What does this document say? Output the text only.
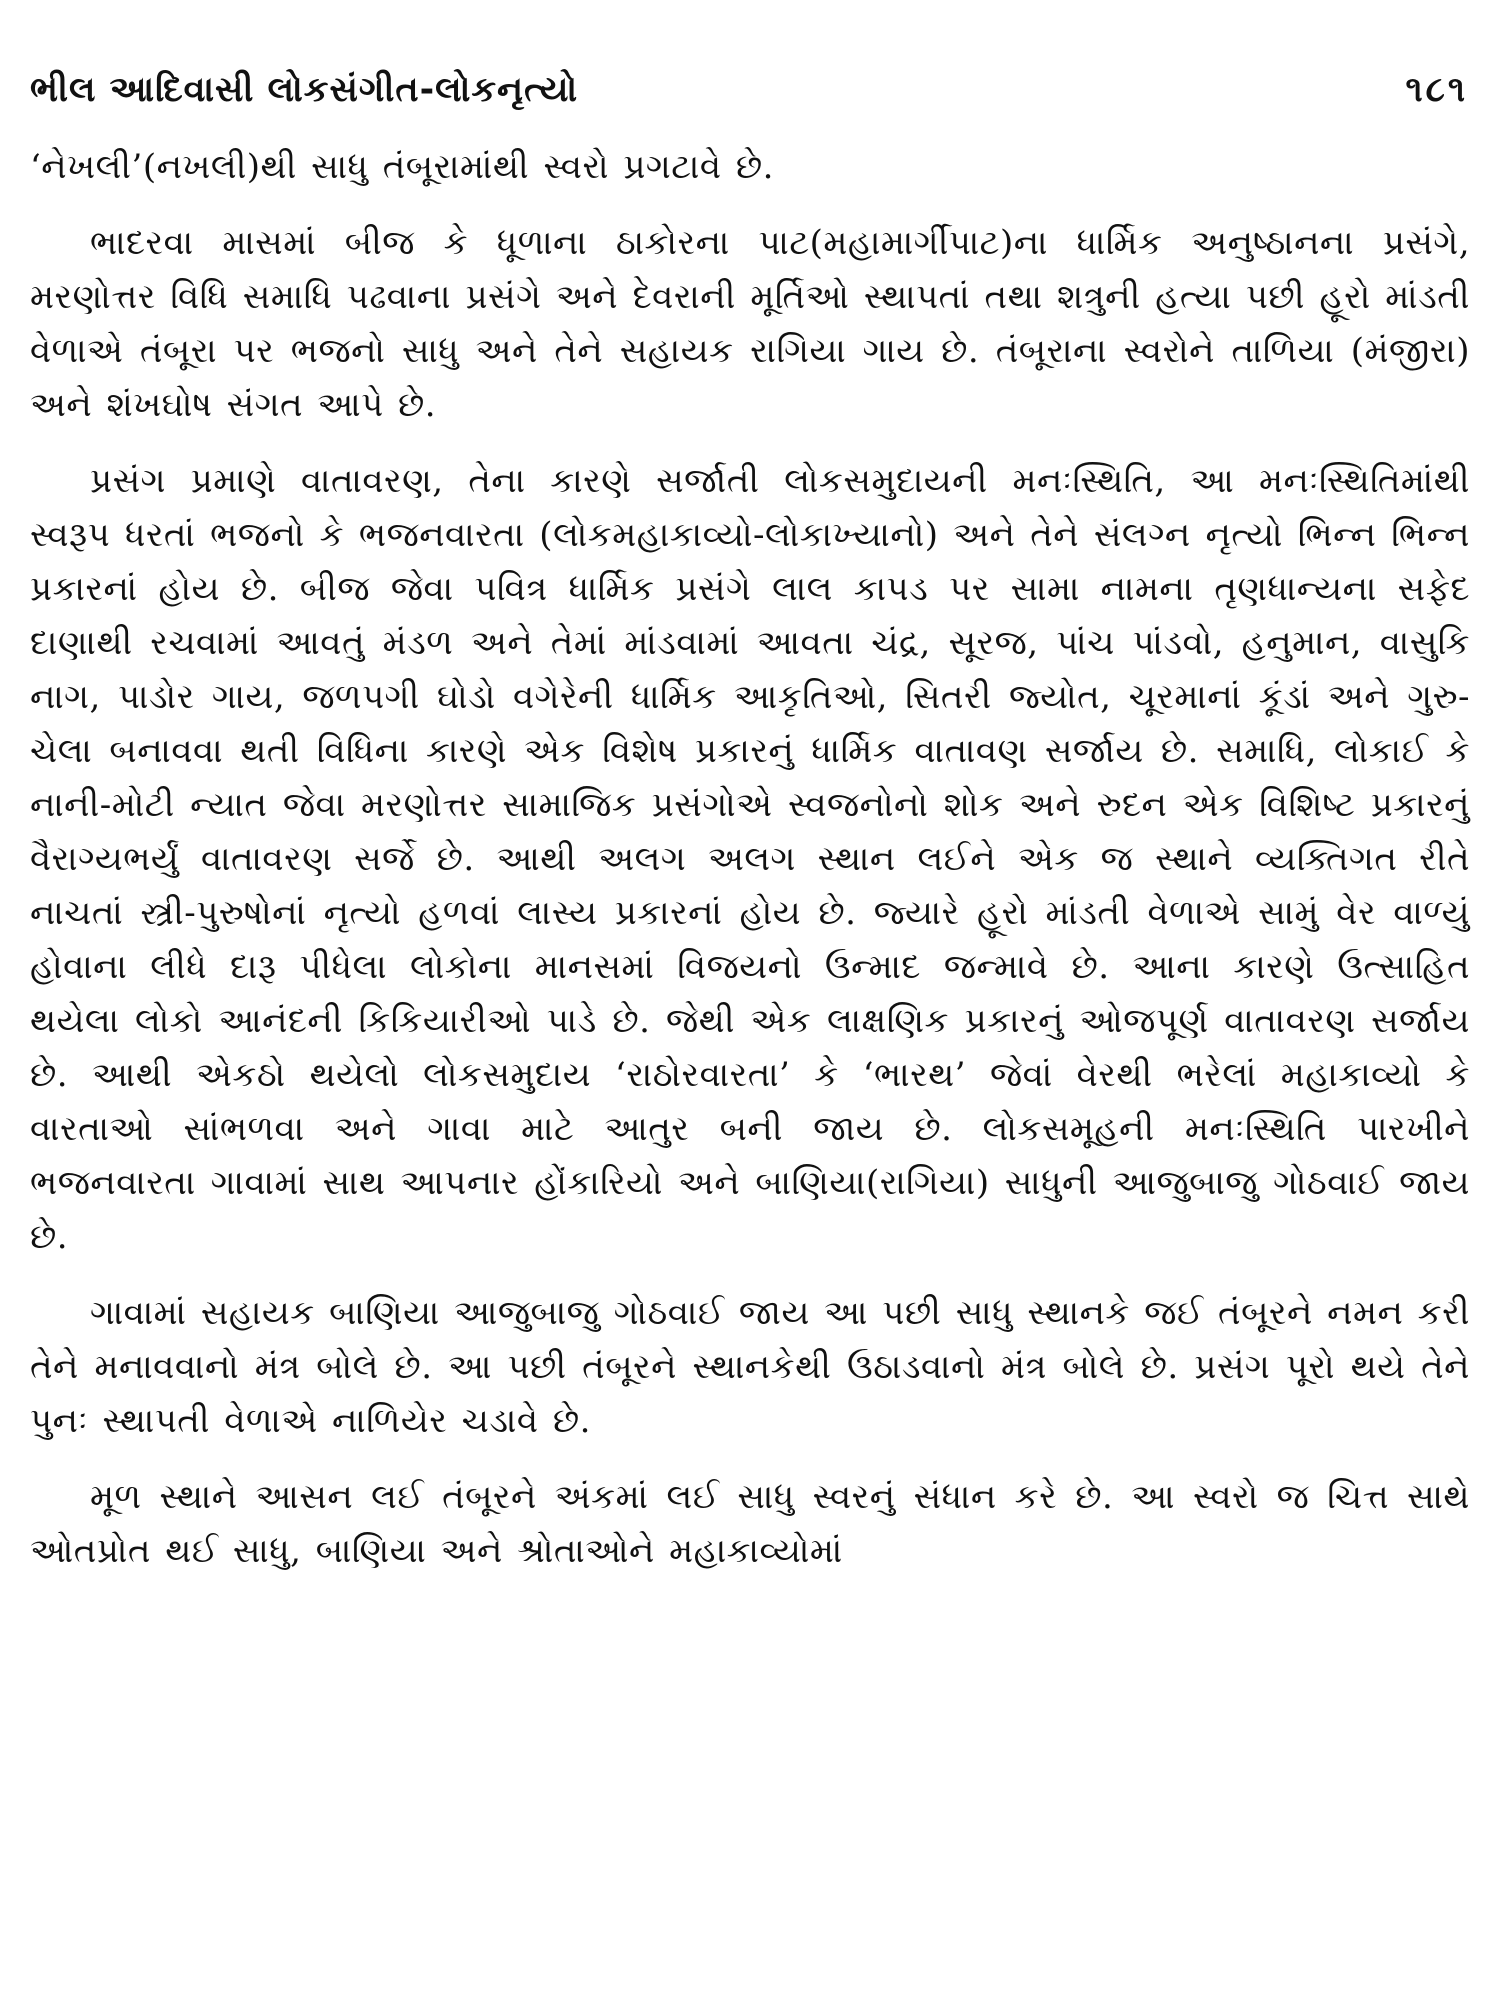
ભીલ આદિવાસી લોકસંગીત-લોકનૃત્યો	૧૮૧

‘નેખલી’(નખલી)થી સાધુ તંબૂરામાંથી સ્વરો પ્રગટાવે છે.

ભાદરવા માસમાં બીજ કે ધૂળાના ઠાકોરના પાટ(મહામાર્ગીપાટ)ના ધાર્મિક અનુષ્ઠાનના પ્રસંગે, મરણોત્તર વિધિ સમાધિ પઢવાના પ્રસંગે અને દેવરાની મૂર્તિઓ સ્થાપતાં તથા શત્રુની હત્યા પછી હૂરો માંડતી વેળાએ તંબૂરા પર ભજનો સાધુ અને તેને સહાયક રાગિયા ગાય છે. તંબૂરાના સ્વરોને તાળિયા (મંજીરા) અને શંખઘોષ સંગત આપે છે.

પ્રસંગ પ્રમાણે વાતાવરણ, તેના કારણે સર્જાતી લોકસમુદાયની મનઃસ્થિતિ, આ મનઃસ્થિતિમાંથી સ્વરૂપ ધરતાં ભજનો કે ભજનવારતા (લોકમહાકાવ્યો-લોકાખ્યાનો) અને તેને સંલગ્ન નૃત્યો ભિન્ન ભિન્ન પ્રકારનાં હોય છે. બીજ જેવા પવિત્ર ધાર્મિક પ્રસંગે લાલ કાપડ પર સામા નામના તૃણધાન્યના સફેદ દાણાથી રચવામાં આવતું મંડળ અને તેમાં માંડવામાં આવતા ચંદ્ર, સૂરજ, પાંચ પાંડવો, હનુમાન, વાસુકિ નાગ, પાડોર ગાય, જળપગી ઘોડો વગેરેની ધાર્મિક આકૃતિઓ, સિતરી જ્યોત, ચૂરમાનાં કૂંડાં અને ગુરુ-ચેલા બનાવવા થતી વિધિના કારણે એક વિશેષ પ્રકારનું ધાર્મિક વાતાવણ સર્જાય છે. સમાધિ, લોકાઈ કે નાની-મોટી ન્યાત જેવા મરણોત્તર સામાજિક પ્રસંગોએ સ્વજનોનો શોક અને રુદન એક વિશિષ્ટ પ્રકારનું વૈરાગ્યભર્યું વાતાવરણ સર્જે છે. આથી અલગ અલગ સ્થાન લઈને એક જ સ્થાને વ્યક્તિગત રીતે નાચતાં સ્ત્રી-પુરુષોનાં નૃત્યો હળવાં લાસ્ય પ્રકારનાં હોય છે. જ્યારે હૂરો માંડતી વેળાએ સામું વેર વાળ્યું હોવાના લીધે દારૂ પીધેલા લોકોના માનસમાં વિજયનો ઉન્માદ જન્માવે છે. આના કારણે ઉત્સાહિત થયેલા લોકો આનંદની કિકિયારીઓ પાડે છે. જેથી એક લાક્ષણિક પ્રકારનું ઓજપૂર્ણ વાતાવરણ સર્જાય છે. આથી એકઠો થયેલો લોકસમુદાય ‘રાઠોરવારતા’ કે ‘ભારથ’ જેવાં વેરથી ભરેલાં મહાકાવ્યો કે વારતાઓ સાંભળવા અને ગાવા માટે આતુર બની જાય છે. લોકસમૂહની મનઃસ્થિતિ પારખીને ભજનવારતા ગાવામાં સાથ આપનાર હોંકારિયો અને બાણિયા(રાગિયા) સાધુની આજુબાજુ ગોઠવાઈ જાય છે.

ગાવામાં સહાયક બાણિયા આજુબાજુ ગોઠવાઈ જાય આ પછી સાધુ સ્થાનકે જઈ તંબૂરને નમન કરી તેને મનાવવાનો મંત્ર બોલે છે. આ પછી તંબૂરને સ્થાનકેથી ઉઠાડવાનો મંત્ર બોલે છે. પ્રસંગ પૂરો થયે તેને પુનઃ સ્થાપતી વેળાએ નાળિયેર ચડાવે છે.

મૂળ સ્થાને આસન લઈ તંબૂરને અંકમાં લઈ સાધુ સ્વરનું સંધાન કરે છે. આ સ્વરો જ ચિત્ત સાથે ઓતપ્રોત થઈ સાધુ, બાણિયા અને શ્રોતાઓને મહાકાવ્યોમાં
